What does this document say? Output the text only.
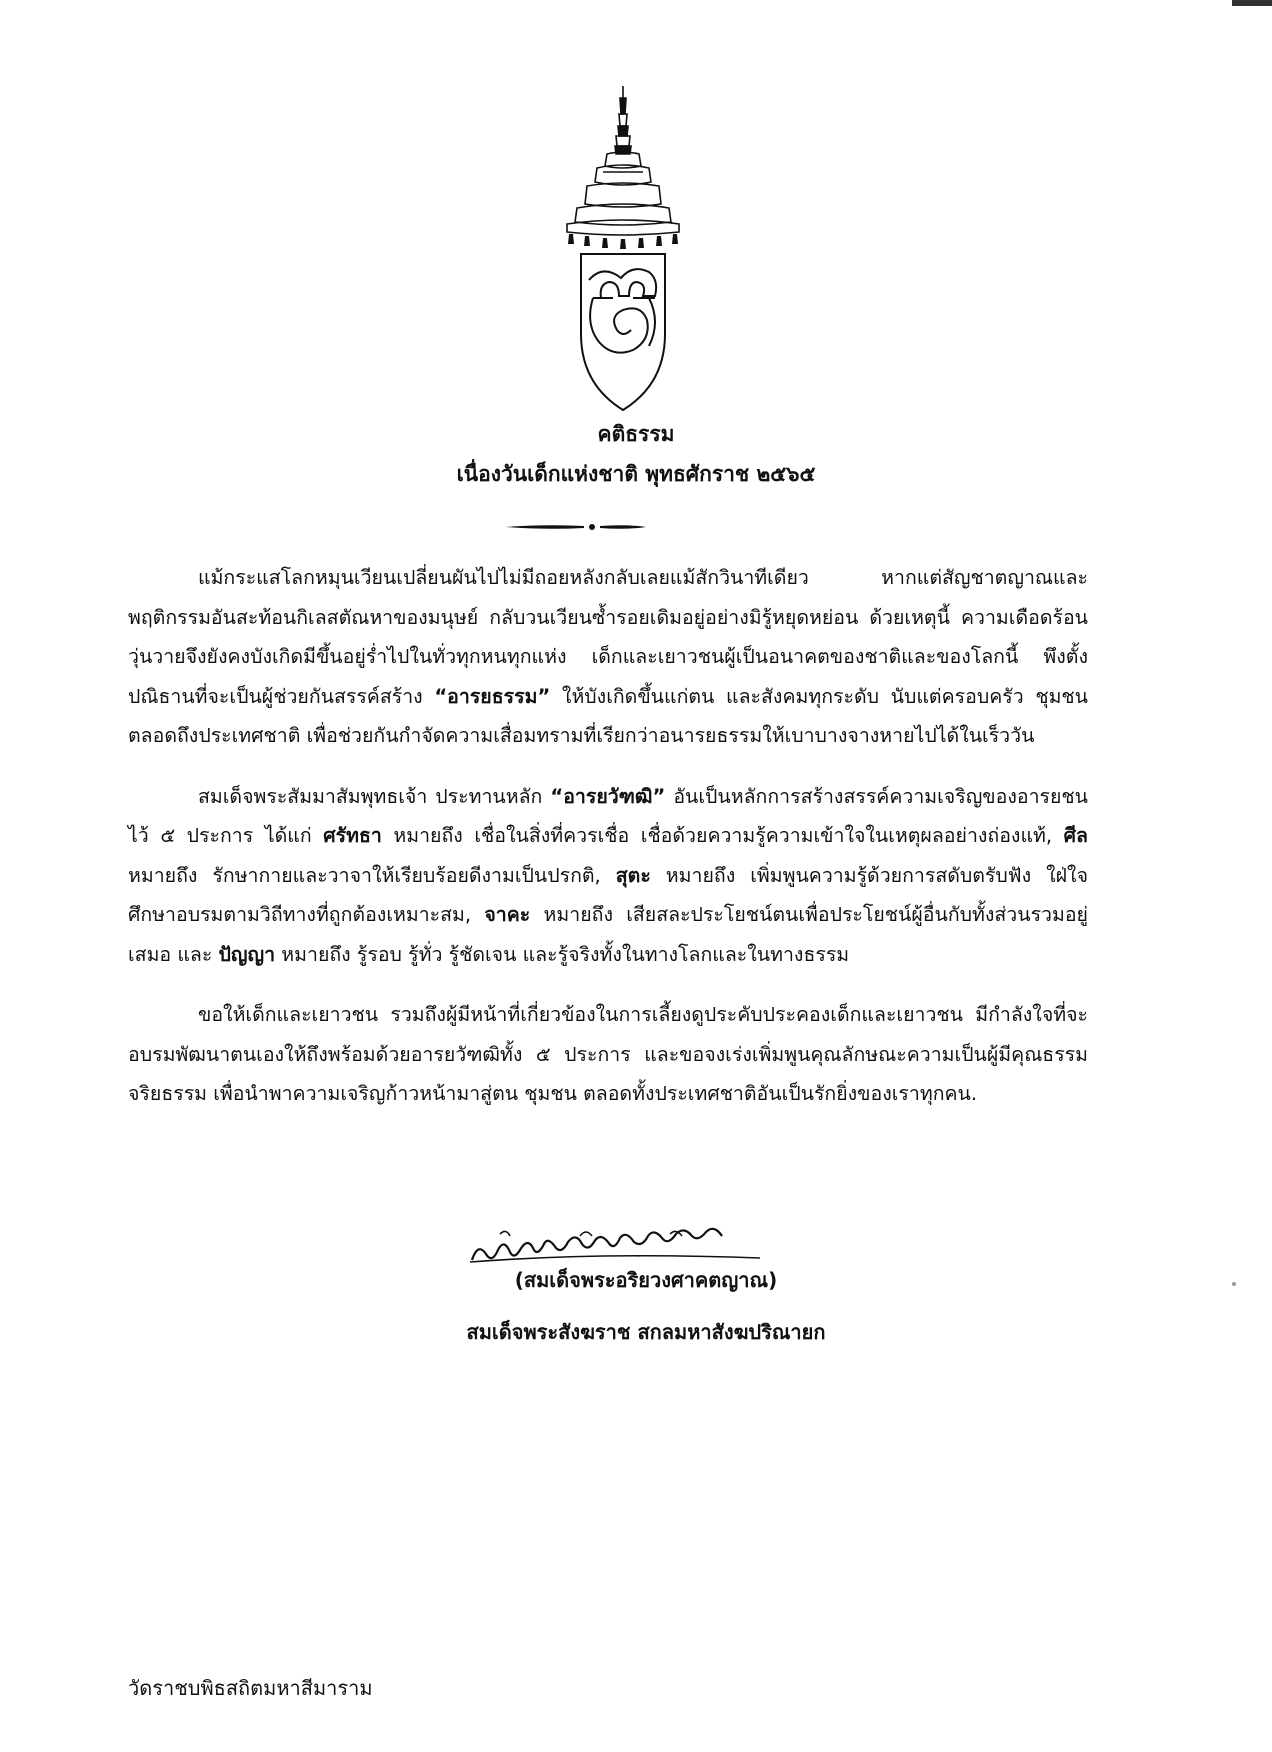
คติธรรม
เนื่องวันเด็กแห่งชาติ พุทธศักราช ๒๕๖๕

แม้กระแสโลกหมุนเวียนเปลี่ยนผันไปไม่มีถอยหลังกลับเลยแม้สักวินาทีเดียว หากแต่สัญชาตญาณและพฤติกรรมอันสะท้อนกิเลสตัณหาของมนุษย์ กลับวนเวียนซ้ำรอยเดิมอยู่อย่างมิรู้หยุดหย่อน ด้วยเหตุนี้ ความเดือดร้อนวุ่นวายจึงยังคงบังเกิดมีขึ้นอยู่ร่ำไปในทั่วทุกหนทุกแห่ง เด็กและเยาวชนผู้เป็นอนาคตของชาติและของโลกนี้ พึงตั้งปณิธานที่จะเป็นผู้ช่วยกันสรรค์สร้าง “อารยธรรม” ให้บังเกิดขึ้นแก่ตน และสังคมทุกระดับ นับแต่ครอบครัว ชุมชน ตลอดถึงประเทศชาติ เพื่อช่วยกันกำจัดความเสื่อมทรามที่เรียกว่าอนารยธรรมให้เบาบางจางหายไปได้ในเร็ววัน

สมเด็จพระสัมมาสัมพุทธเจ้า ประทานหลัก “อารยวัฑฒิ” อันเป็นหลักการสร้างสรรค์ความเจริญของอารยชนไว้ ๕ ประการ ได้แก่ ศรัทธา หมายถึง เชื่อในสิ่งที่ควรเชื่อ เชื่อด้วยความรู้ความเข้าใจในเหตุผลอย่างถ่องแท้, ศีล หมายถึง รักษากายและวาจาให้เรียบร้อยดีงามเป็นปรกติ, สุตะ หมายถึง เพิ่มพูนความรู้ด้วยการสดับตรับฟัง ใฝ่ใจศึกษาอบรมตามวิถีทางที่ถูกต้องเหมาะสม, จาคะ หมายถึง เสียสละประโยชน์ตนเพื่อประโยชน์ผู้อื่นกับทั้งส่วนรวมอยู่เสมอ และ ปัญญา หมายถึง รู้รอบ รู้ทั่ว รู้ชัดเจน และรู้จริงทั้งในทางโลกและในทางธรรม

ขอให้เด็กและเยาวชน รวมถึงผู้มีหน้าที่เกี่ยวข้องในการเลี้ยงดูประคับประคองเด็กและเยาวชน มีกำลังใจที่จะอบรมพัฒนาตนเองให้ถึงพร้อมด้วยอารยวัฑฒิทั้ง ๕ ประการ และขอจงเร่งเพิ่มพูนคุณลักษณะความเป็นผู้มีคุณธรรมจริยธรรม เพื่อนำพาความเจริญก้าวหน้ามาสู่ตน ชุมชน ตลอดทั้งประเทศชาติอันเป็นรักยิ่งของเราทุกคน.

(สมเด็จพระอริยวงศาคตญาณ)
สมเด็จพระสังฆราช สกลมหาสังฆปริณายก
วัดราชบพิธสถิตมหาสีมาราม
